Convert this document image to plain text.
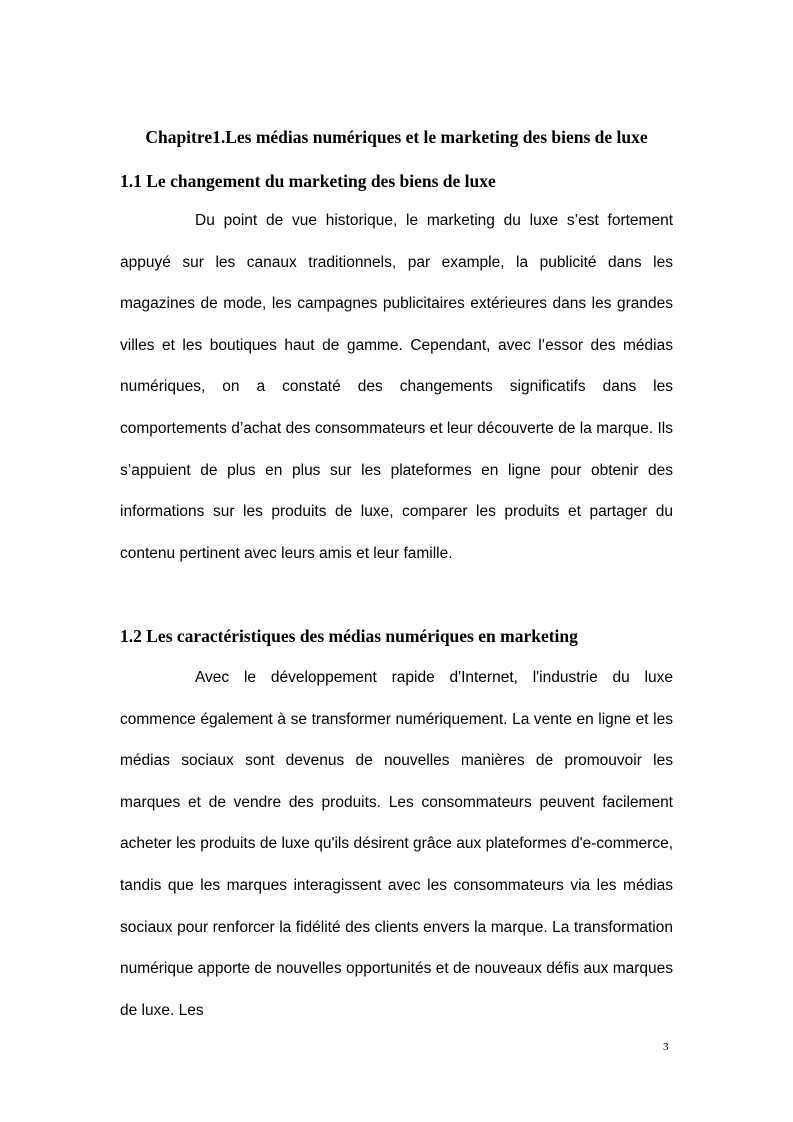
Chapitre1.Les médias numériques et le marketing des biens de luxe
1.1 Le changement du marketing des biens de luxe

Du point de vue historique, le marketing du luxe s’est fortement appuyé sur les canaux traditionnels, par example, la publicité dans les magazines de mode, les campagnes publicitaires extérieures dans les grandes villes et les boutiques haut de gamme. Cependant, avec l’essor des médias numériques, on a constaté des changements significatifs dans les comportements d’achat des consommateurs et leur découverte de la marque. Ils s’appuient de plus en plus sur les plateformes en ligne pour obtenir des informations sur les produits de luxe, comparer les produits et partager du contenu pertinent avec leurs amis et leur famille.

1.2 Les caractéristiques des médias numériques en marketing

Avec le développement rapide d'Internet, l'industrie du luxe commence également à se transformer numériquement. La vente en ligne et les médias sociaux sont devenus de nouvelles manières de promouvoir les marques et de vendre des produits. Les consommateurs peuvent facilement acheter les produits de luxe qu'ils désirent grâce aux plateformes d'e-commerce, tandis que les marques interagissent avec les consommateurs via les médias sociaux pour renforcer la fidélité des clients envers la marque. La transformation numérique apporte de nouvelles opportunités et de nouveaux défis aux marques de luxe. Les

3
